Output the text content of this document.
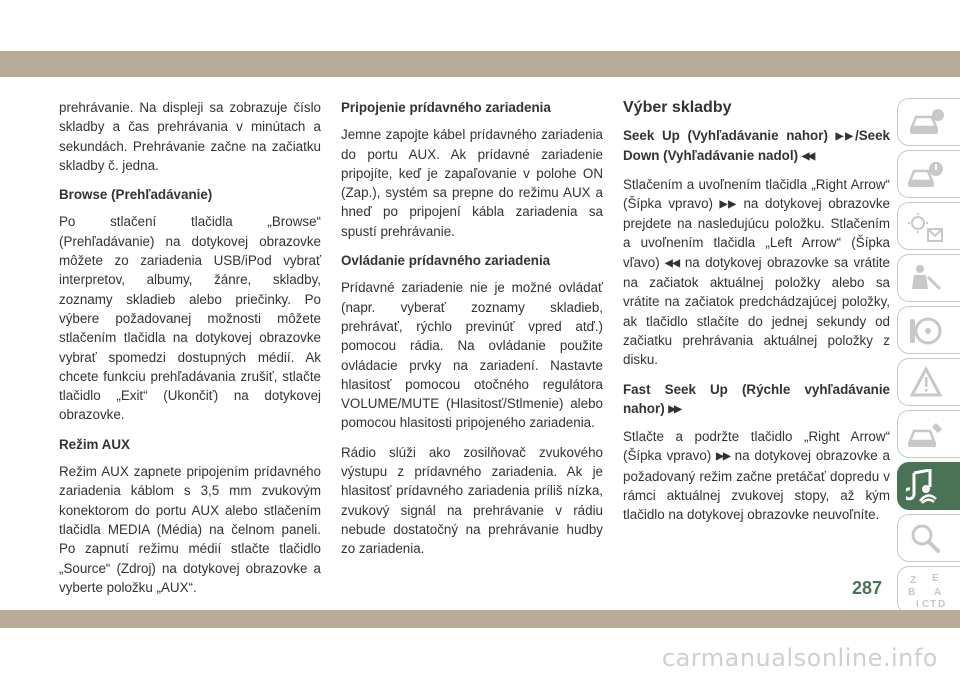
prehrávanie. Na displeji sa zobrazuje číslo skladby a čas prehrávania v minútach a sekundách. Prehrávanie začne na začiatku skladby č. jedna.

Browse (Prehľadávanie)

Po stlačení tlačidla „Browse“ (Prehľadávanie) na dotykovej obrazovke môžete zo zariadenia USB/iPod vybrať interpretov, albumy, žánre, skladby, zoznamy skladieb alebo priečinky. Po výbere požadovanej možnosti môžete stlačením tlačidla na dotykovej obrazovke vybrať spomedzi dostupných médií. Ak chcete funkciu prehľadávania zrušiť, stlačte tlačidlo „Exit“ (Ukončiť) na dotykovej obrazovke.

Režim AUX

Režim AUX zapnete pripojením prídavného zariadenia káblom s 3,5 mm zvukovým konektorom do portu AUX alebo stlačením tlačidla MEDIA (Média) na čelnom paneli. Po zapnutí režimu médií stlačte tlačidlo „Source“ (Zdroj) na dotykovej obrazovke a vyberte položku „AUX“.

Pripojenie prídavného zariadenia

Jemne zapojte kábel prídavného zariadenia do portu AUX. Ak prídavné zariadenie pripojíte, keď je zapaľovanie v polohe ON (Zap.), systém sa prepne do režimu AUX a hneď po pripojení kábla zariadenia sa spustí prehrávanie.

Ovládanie prídavného zariadenia

Prídavné zariadenie nie je možné ovládať (napr. vyberať zoznamy skladieb, prehrávať, rýchlo previnúť vpred atď.) pomocou rádia. Na ovládanie použite ovládacie prvky na zariadení. Nastavte hlasitosť pomocou otočného regulátora VOLUME/MUTE (Hlasitosť/Stlmenie) alebo pomocou hlasitosti pripojeného zariadenia.

Rádio slúži ako zosilňovač zvukového výstupu z prídavného zariadenia. Ak je hlasitosť prídavného zariadenia príliš nízka, zvukový signál na prehrávanie v rádiu nebude dostatočný na prehrávanie hudby zo zariadenia.

Výber skladby
Seek Up (Vyhľadávanie nahor) ▶▶/Seek Down (Vyhľadávanie nadol) ◀◀

Stlačením a uvoľnením tlačidla „Right Arrow“ (Šípka vpravo) ▶▶ na dotykovej obrazovke prejdete na nasledujúcu položku. Stlačením a uvoľnením tlačidla „Left Arrow“ (Šípka vľavo) ◀◀ na dotykovej obrazovke sa vrátite na začiatok aktuálnej položky alebo sa vrátite na začiatok predchádzajúcej položky, ak tlačidlo stlačíte do jednej sekundy od začiatku prehrávania aktuálnej položky z disku.

Fast Seek Up (Rýchle vyhľadávanie nahor) ▶▶

Stlačte a podržte tlačidlo „Right Arrow“ (Šípka vpravo) ▶▶ na dotykovej obrazovke a požadovaný režim začne pretáčať dopredu v rámci aktuálnej zvukovej stopy, až kým tlačidlo na dotykovej obrazovke neuvoľníte.

Z E
B A
I C T D
287
carmanualsonline.info
